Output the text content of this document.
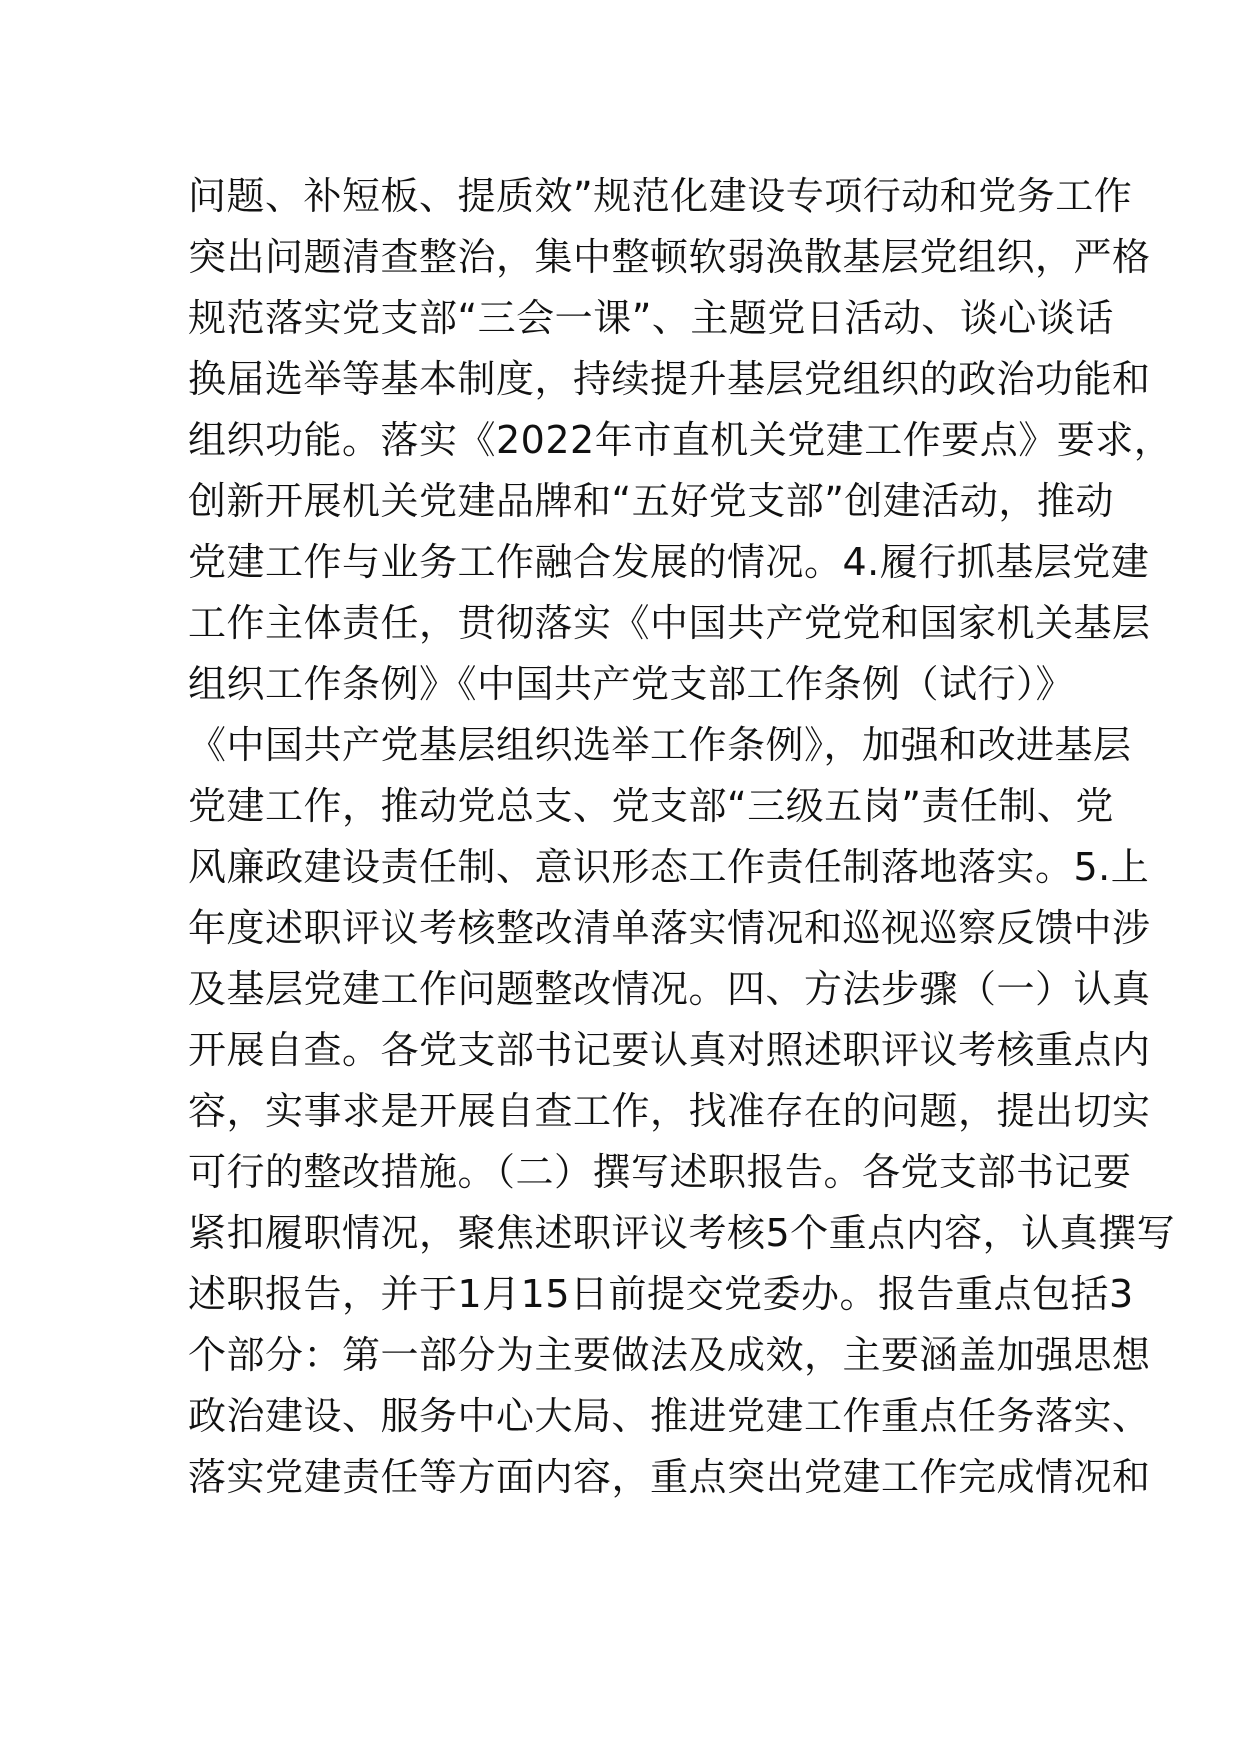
问题、补短板、提质效”规范化建设专项行动和党务工作
突出问题清查整治，集中整顿软弱涣散基层党组织，严格
规范落实党支部“三会一课”、主题党日活动、谈心谈话
换届选举等基本制度，持续提升基层党组织的政治功能和
组织功能。落实《2022年市直机关党建工作要点》要求，
创新开展机关党建品牌和“五好党支部”创建活动，推动
党建工作与业务工作融合发展的情况。4.履行抓基层党建
工作主体责任，贯彻落实《中国共产党党和国家机关基层
组织工作条例》《中国共产党支部工作条例（试行）》
《中国共产党基层组织选举工作条例》，加强和改进基层
党建工作，推动党总支、党支部“三级五岗”责任制、党
风廉政建设责任制、意识形态工作责任制落地落实。5.上
年度述职评议考核整改清单落实情况和巡视巡察反馈中涉
及基层党建工作问题整改情况。四、方法步骤（一）认真
开展自查。各党支部书记要认真对照述职评议考核重点内
容，实事求是开展自查工作，找准存在的问题，提出切实
可行的整改措施。（二）撰写述职报告。各党支部书记要
紧扣履职情况，聚焦述职评议考核5个重点内容，认真撰写
述职报告，并于1月15日前提交党委办。报告重点包括3
个部分：第一部分为主要做法及成效，主要涵盖加强思想
政治建设、服务中心大局、推进党建工作重点任务落实、
落实党建责任等方面内容，重点突出党建工作完成情况和
